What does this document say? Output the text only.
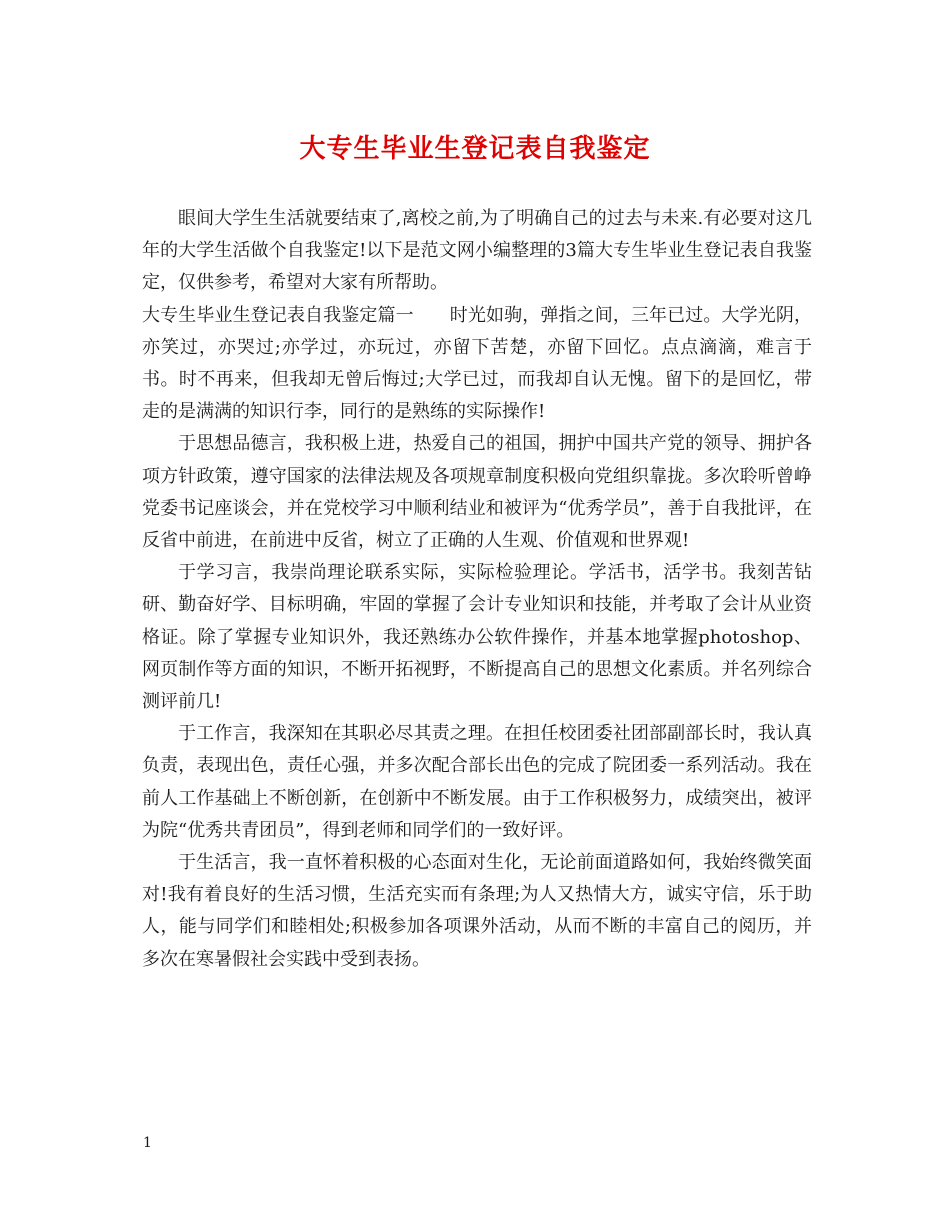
大专生毕业生登记表自我鉴定

眼间大学生生活就要结束了,离校之前,为了明确自己的过去与未来.有必要对这几年的大学生活做个自我鉴定!以下是范文网小编整理的3篇大专生毕业生登记表自我鉴定，仅供参考，希望对大家有所帮助。

大专生毕业生登记表自我鉴定篇一 时光如驹，弹指之间，三年已过。大学光阴，亦笑过，亦哭过;亦学过，亦玩过，亦留下苦楚，亦留下回忆。点点滴滴，难言于书。时不再来，但我却无曾后悔过;大学已过，而我却自认无愧。留下的是回忆，带走的是满满的知识行李，同行的是熟练的实际操作!

于思想品德言，我积极上进，热爱自己的祖国，拥护中国共产党的领导、拥护各项方针政策，遵守国家的法律法规及各项规章制度积极向党组织靠拢。多次聆听曾峥党委书记座谈会，并在党校学习中顺利结业和被评为“优秀学员”，善于自我批评，在反省中前进，在前进中反省，树立了正确的人生观、价值观和世界观!

于学习言，我崇尚理论联系实际，实际检验理论。学活书，活学书。我刻苦钻研、勤奋好学、目标明确，牢固的掌握了会计专业知识和技能，并考取了会计从业资格证。除了掌握专业知识外，我还熟练办公软件操作，并基本地掌握photoshop、网页制作等方面的知识，不断开拓视野，不断提高自己的思想文化素质。并名列综合测评前几!

于工作言，我深知在其职必尽其责之理。在担任校团委社团部副部长时，我认真负责，表现出色，责任心强，并多次配合部长出色的完成了院团委一系列活动。我在前人工作基础上不断创新，在创新中不断发展。由于工作积极努力，成绩突出，被评为院“优秀共青团员”，得到老师和同学们的一致好评。

于生活言，我一直怀着积极的心态面对生化，无论前面道路如何，我始终微笑面对!我有着良好的生活习惯，生活充实而有条理;为人又热情大方，诚实守信，乐于助人，能与同学们和睦相处;积极参加各项课外活动，从而不断的丰富自己的阅历，并多次在寒暑假社会实践中受到表扬。

1
